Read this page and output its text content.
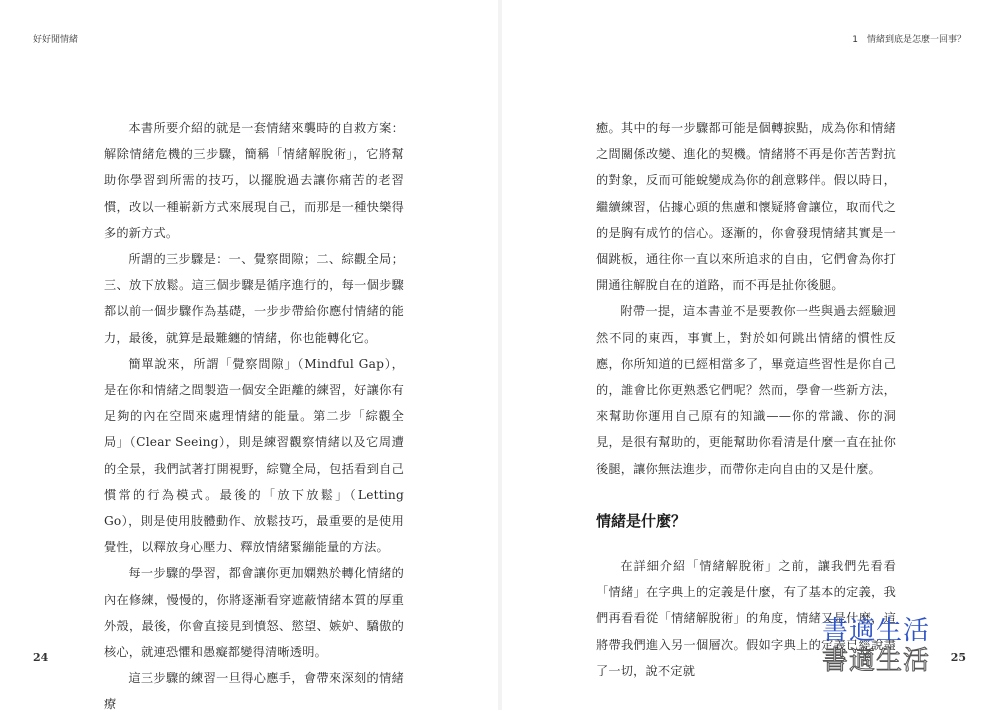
好好閒情緒

本書所要介紹的就是一套情緒來襲時的自救方案：解除情緒危機的三步驟，簡稱「情緒解脫術」，它將幫助你學習到所需的技巧，以擺脫過去讓你痛苦的老習慣，改以一種嶄新方式來展現自己，而那是一種快樂得多的新方式。

所謂的三步驟是：一、覺察間隙；二、綜觀全局；三、放下放鬆。這三個步驟是循序進行的，每一個步驟都以前一個步驟作為基礎，一步步帶給你應付情緒的能力，最後，就算是最難纏的情緒，你也能轉化它。

簡單說來，所謂「覺察間隙」（Mindful Gap），是在你和情緒之間製造一個安全距離的練習，好讓你有足夠的內在空間來處理情緒的能量。第二步「綜觀全局」（Clear Seeing），則是練習觀察情緒以及它周遭的全景，我們試著打開視野，綜覽全局，包括看到自己慣常的行為模式。最後的「放下放鬆」（Letting Go），則是使用肢體動作、放鬆技巧，最重要的是使用覺性，以釋放身心壓力、釋放情緒緊繃能量的方法。

每一步驟的學習，都會讓你更加嫻熟於轉化情緒的內在修練，慢慢的，你將逐漸看穿遮蔽情緒本質的厚重外殼，最後，你會直接見到憤怒、慾望、嫉妒、驕傲的核心，就連恐懼和愚癡都變得清晰透明。

這三步驟的練習一旦得心應手，會帶來深刻的情緒療

24
1　情緒到底是怎麼一回事？

癒。其中的每一步驟都可能是個轉捩點，成為你和情緒之間關係改變、進化的契機。情緒將不再是你苦苦對抗的對象，反而可能蛻變成為你的創意夥伴。假以時日，繼續練習，佔據心頭的焦慮和懷疑將會讓位，取而代之的是胸有成竹的信心。逐漸的，你會發現情緒其實是一個跳板，通往你一直以來所追求的自由，它們會為你打開通往解脫自在的道路，而不再是扯你後腿。

附帶一提，這本書並不是要教你一些與過去經驗迥然不同的東西，事實上，對於如何跳出情緒的慣性反應，你所知道的已經相當多了，畢竟這些習性是你自己的，誰會比你更熟悉它們呢？然而，學會一些新方法，來幫助你運用自己原有的知識——你的常識、你的洞見，是很有幫助的，更能幫助你看清是什麼一直在扯你後腿，讓你無法進步，而帶你走向自由的又是什麼。

情緒是什麼？

在詳細介紹「情緒解脫術」之前，讓我們先看看「情緒」在字典上的定義是什麼，有了基本的定義，我們再看看從「情緒解脫術」的角度，情緒又是什麼，這將帶我們進入另一個層次。假如字典上的定義已經說盡了一切，說不定就

25
書適生活
書適生活
